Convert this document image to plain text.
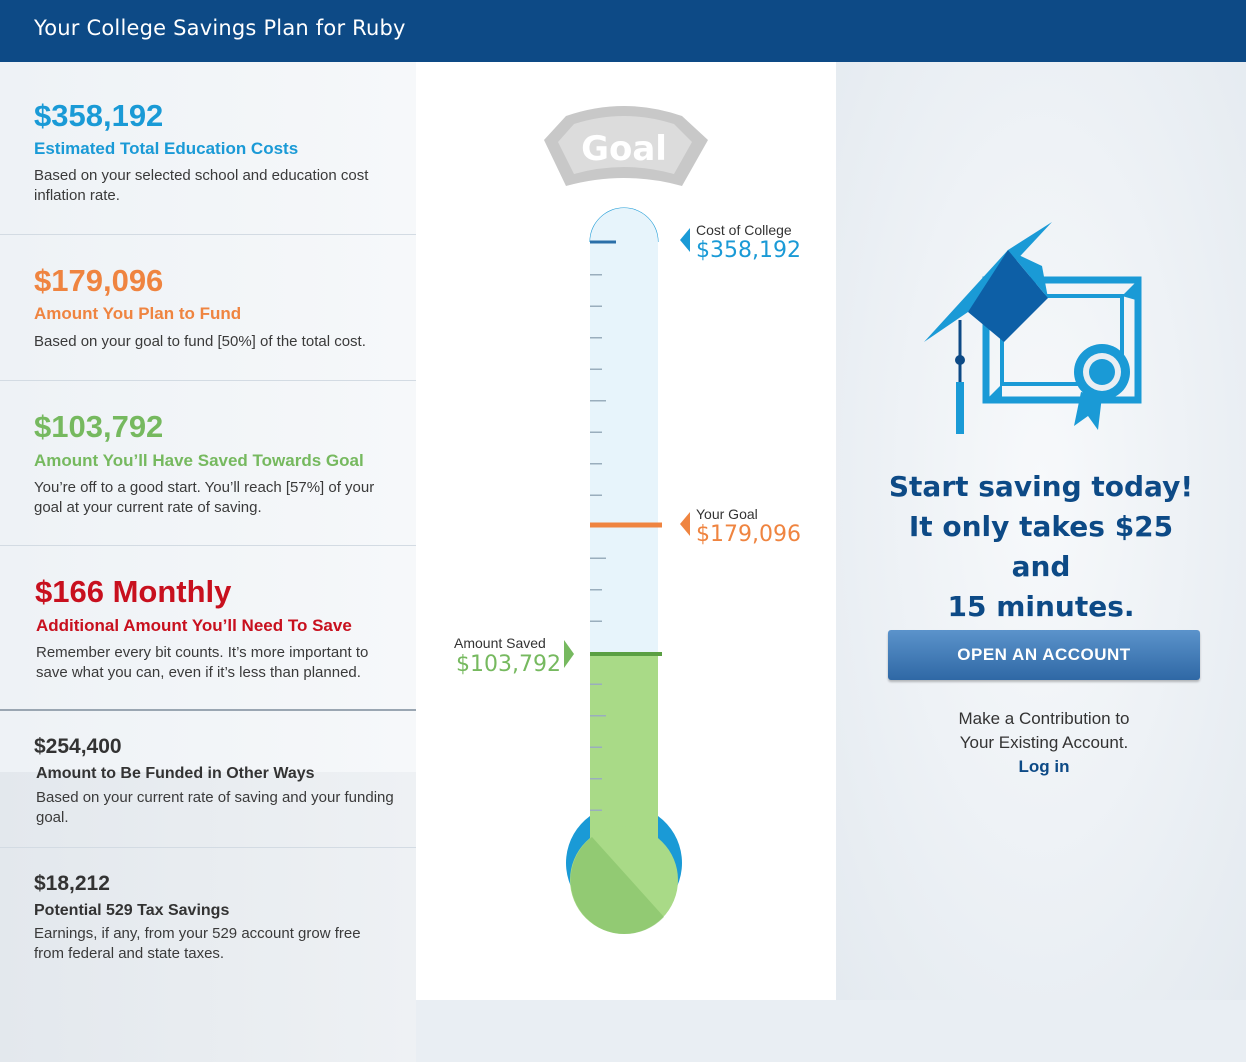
Your College Savings Plan for Ruby
$358,192
Estimated Total Education Costs
Based on your selected school and education cost inflation rate.
$179,096
Amount You Plan to Fund
Based on your goal to fund [50%] of the total cost.
$103,792
Amount You’ll Have Saved Towards Goal
You’re off to a good start. You’ll reach [57%] of your goal at your current rate of saving.
$166 Monthly
Additional Amount You’ll Need To Save
Remember every bit counts. It’s more important to save what you can, even if it’s less than planned.
$254,400
Amount to Be Funded in Other Ways
Based on your current rate of saving and your funding goal.
$18,212
Potential 529 Tax Savings
Earnings, if any, from your 529 account grow free from federal and state taxes.
Goal
Cost of College
$358,192
Your Goal
$179,096
Amount Saved
$103,792
Start saving today!
It only takes $25 and
15 minutes.
OPEN AN ACCOUNT
Make a Contribution to
Your Existing Account.
Log in
